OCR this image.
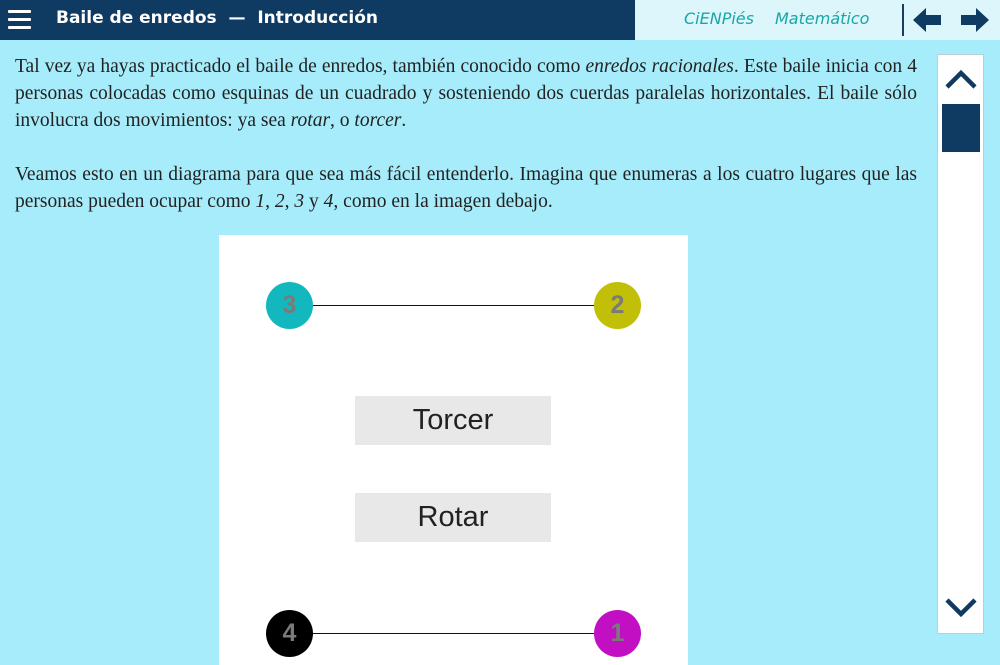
Baile de enredos  —  Introducción	CiENPiés Matemático

Tal vez ya hayas practicado el baile de enredos, también conocido como enredos racionales. Este baile inicia con 4 personas colocadas como esquinas de un cuadrado y sosteniendo dos cuerdas paralelas horizontales. El baile sólo involucra dos movimientos: ya sea rotar, o torcer.

Veamos esto en un diagrama para que sea más fácil entenderlo. Imagina que enumeras a los cuatro lugares que las personas pueden ocupar como 1, 2, 3 y 4, como en la imagen debajo.

3	2
4	1
Torcer
Rotar
